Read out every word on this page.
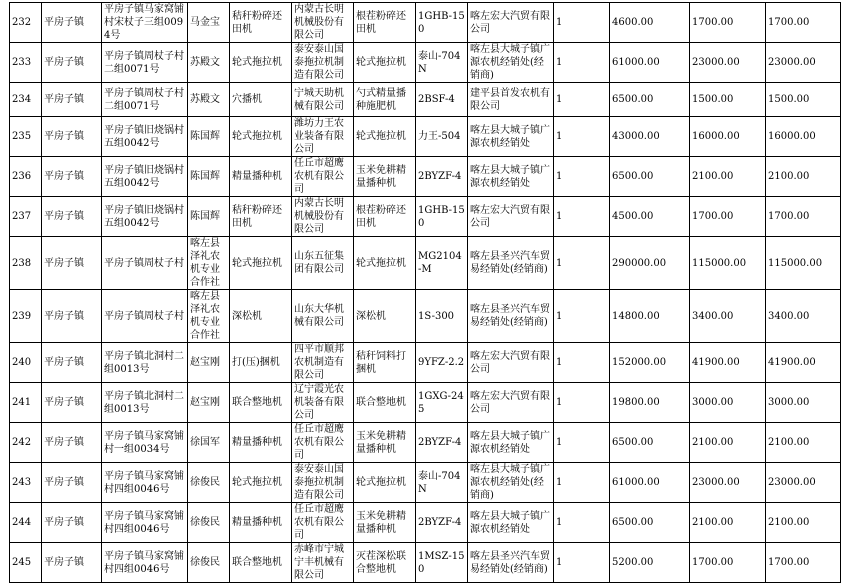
232	平房子镇	平房子镇马家窝铺村宋杖子三组0094号	马金宝	秸秆粉碎还田机	内蒙古长明机械股份有限公司	根茬粉碎还田机	1GHB-150	喀左宏大汽贸有限公司	1	4600.00	1700.00	1700.00
233	平房子镇	平房子镇周杖子村二组0071号	苏殿文	轮式拖拉机	泰安泰山国泰拖拉机制造有限公司	轮式拖拉机	泰山-704N	喀左县大城子镇广源农机经销处(经销商)	1	61000.00	23000.00	23000.00
234	平房子镇	平房子镇周杖子村二组0071号	苏殿文	穴播机	宁城天助机械有限公司	勺式精量播种施肥机	2BSF-4	建平县首发农机有限公司	1	6500.00	1500.00	1500.00
235	平房子镇	平房子镇旧烧锅村五组0042号	陈国辉	轮式拖拉机	潍坊力王农业装备有限公司	轮式拖拉机	力王-504	喀左县大城子镇广源农机经销处	1	43000.00	16000.00	16000.00
236	平房子镇	平房子镇旧烧锅村五组0042号	陈国辉	精量播种机	任丘市超鹰农机有限公司	玉米免耕精量播种机	2BYZF-4	喀左县大城子镇广源农机经销处	1	6500.00	2100.00	2100.00
237	平房子镇	平房子镇旧烧锅村五组0042号	陈国辉	秸秆粉碎还田机	内蒙古长明机械股份有限公司	根茬粉碎还田机	1GHB-150	喀左宏大汽贸有限公司	1	4500.00	1700.00	1700.00
238	平房子镇	平房子镇周杖子村	喀左县泽礼农机专业合作社	轮式拖拉机	山东五征集团有限公司	轮式拖拉机	MG2104-M	喀左县圣兴汽车贸易经销处(经销商)	1	290000.00	115000.00	115000.00
239	平房子镇	平房子镇周杖子村	喀左县泽礼农机专业合作社	深松机	山东大华机械有限公司	深松机	1S-300	喀左县圣兴汽车贸易经销处(经销商)	1	14800.00	3400.00	3400.00
240	平房子镇	平房子镇北洞村二组0013号	赵宝刚	打(压)捆机	四平市顺邦农机制造有限公司	秸秆饲料打捆机	9YFZ-2.2	喀左宏大汽贸有限公司	1	152000.00	41900.00	41900.00
241	平房子镇	平房子镇北洞村二组0013号	赵宝刚	联合整地机	辽宁霞光农机装备有限公司	联合整地机	1GXG-245	喀左宏大汽贸有限公司	1	19800.00	3000.00	3000.00
242	平房子镇	平房子镇马家窝铺村一组0034号	徐国军	精量播种机	任丘市超鹰农机有限公司	玉米免耕精量播种机	2BYZF-4	喀左县大城子镇广源农机经销处	1	6500.00	2100.00	2100.00
243	平房子镇	平房子镇马家窝铺村四组0046号	徐俊民	轮式拖拉机	泰安泰山国泰拖拉机制造有限公司	轮式拖拉机	泰山-704N	喀左县大城子镇广源农机经销处(经销商)	1	61000.00	23000.00	23000.00
244	平房子镇	平房子镇马家窝铺村四组0046号	徐俊民	精量播种机	任丘市超鹰农机有限公司	玉米免耕精量播种机	2BYZF-4	喀左县大城子镇广源农机经销处	1	6500.00	2100.00	2100.00
245	平房子镇	平房子镇马家窝铺村四组0046号	徐俊民	联合整地机	赤峰市宁城宁丰机械有限公司	灭茬深松联合整地机	1MSZ-150	喀左县圣兴汽车贸易经销处(经销商)	1	5200.00	1700.00	1700.00
